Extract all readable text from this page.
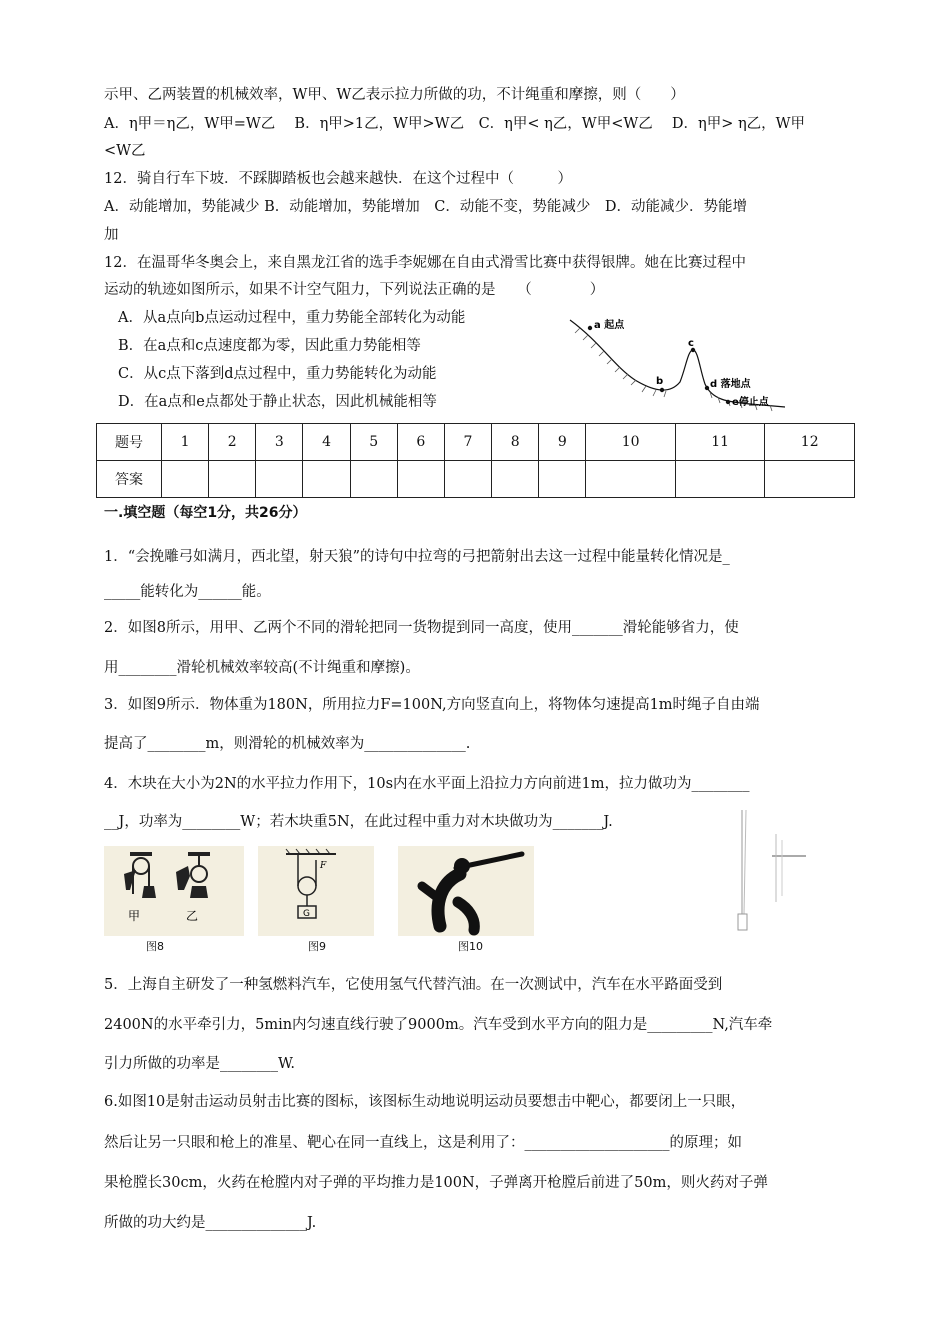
示甲、乙两装置的机械效率，W甲、W乙表示拉力所做的功，不计绳重和摩擦，则（　　）
A．η甲＝η乙，W甲=W乙　 B．η甲>1乙，W甲>W乙　C．η甲< η乙，W甲<W乙　 D．η甲> η乙，W甲
<W乙
12．骑自行车下坡．不踩脚踏板也会越来越快．在这个过程中（　　　）
A．动能增加，势能减少 B．动能增加，势能增加　C．动能不变，势能减少　D．动能减少．势能增
加
12．在温哥华冬奥会上，来自黑龙江省的选手李妮娜在自由式滑雪比赛中获得银牌。她在比赛过程中
运动的轨迹如图所示，如果不计空气阻力，下列说法正确的是　　（　　　　）
A．从a点向b点运动过程中，重力势能全部转化为动能
B．在a点和c点速度都为零，因此重力势能相等
C．从c点下落到d点过程中，重力势能转化为动能
D．在a点和e点都处于静止状态，因此机械能相等
a 起点
b
c
d 落地点
e停止点
题号	1	2	3	4	5	6	7	8	9	10	11	12
答案												
一.填空题（每空1分，共26分）
1．“会挽雕弓如满月，西北望，射天狼”的诗句中拉弯的弓把箭射出去这一过程中能量转化情况是_
_____能转化为______能。
2．如图8所示，用甲、乙两个不同的滑轮把同一货物提到同一高度，使用_______滑轮能够省力，使
用________滑轮机械效率较高(不计绳重和摩擦)。
3．如图9所示．物体重为180N，所用拉力F=100N,方向竖直向上，将物体匀速提高1m时绳子自由端
提高了________m，则滑轮的机械效率为______________.
4．木块在大小为2N的水平拉力作用下，10s内在水平面上沿拉力方向前进1m，拉力做功为________
__J，功率为________W；若木块重5N，在此过程中重力对木块做功为_______J.
甲	乙
图8
G
F
图9	图10
5．上海自主研发了一种氢燃料汽车，它使用氢气代替汽油。在一次测试中，汽车在水平路面受到
2400N的水平牵引力，5min内匀速直线行驶了9000m。汽车受到水平方向的阻力是_________N,汽车牵
引力所做的功率是________W.
6.如图10是射击运动员射击比赛的图标，该图标生动地说明运动员要想击中靶心，都要闭上一只眼，
然后让另一只眼和枪上的准星、靶心在同一直线上，这是利用了：____________________的原理；如
果枪膛长30cm，火药在枪膛内对子弹的平均推力是100N，子弹离开枪膛后前进了50m，则火药对子弹
所做的功大约是______________J.
